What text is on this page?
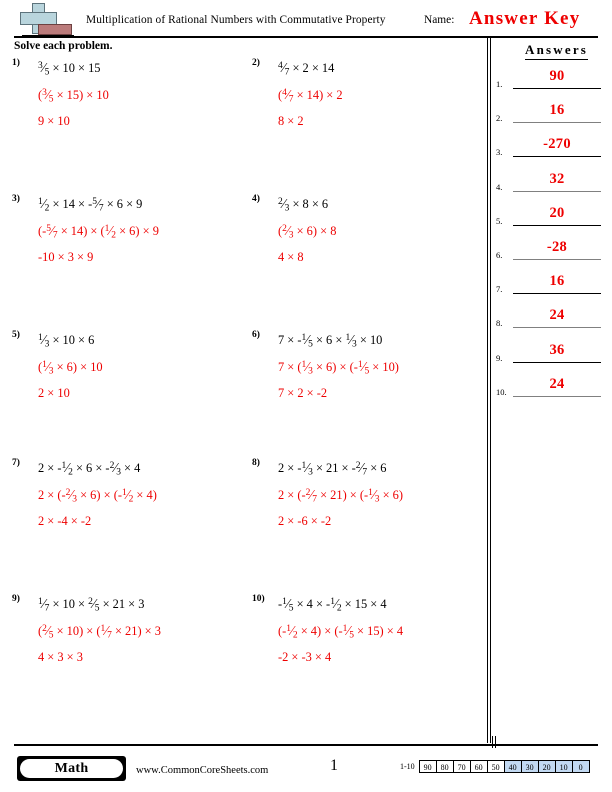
Multiplication of Rational Numbers with Commutative Property	Name: Answer Key
Solve each problem.	Answers
1.	90
2.	16
3.	-270
4.	32
5.	20
6.	-28
7.	16
8.	24
9.	36
10.	24
1) $^3$⁄5 × 10 × 15
($^3$⁄5 × 15) × 10
9 × 10
2) $^4$⁄7 × 2 × 14
($^4$⁄7 × 14) × 2
8 × 2
3) $^1$⁄2 × 14 × -$^5$⁄7 × 6 × 9
(-$^5$⁄7 × 14) × ($^1$⁄2 × 6) × 9
-10 × 3 × 9
4) $^2$⁄3 × 8 × 6
($^2$⁄3 × 6) × 8
4 × 8
5) $^1$⁄3 × 10 × 6
($^1$⁄3 × 6) × 10
2 × 10
6) 7 × -$^1$⁄5 × 6 × $^1$⁄3 × 10
7 × ($^1$⁄3 × 6) × (-$^1$⁄5 × 10)
7 × 2 × -2
7) 2 × -$^1$⁄2 × 6 × -$^2$⁄3 × 4
2 × (-$^2$⁄3 × 6) × (-$^1$⁄2 × 4)
2 × -4 × -2
8) 2 × -$^1$⁄3 × 21 × -$^2$⁄7 × 6
2 × (-$^2$⁄7 × 21) × (-$^1$⁄3 × 6)
2 × -6 × -2
9) $^1$⁄7 × 10 × $^2$⁄5 × 21 × 3
($^2$⁄5 × 10) × ($^1$⁄7 × 21) × 3
4 × 3 × 3
10) -$^1$⁄5 × 4 × -$^1$⁄2 × 15 × 4
(-$^1$⁄2 × 4) × (-$^1$⁄5 × 15) × 4
-2 × -3 × 4
Math	www.CommonCoreSheets.com	1	1-10	90	80	70	60	50	40	30	20	10	0
